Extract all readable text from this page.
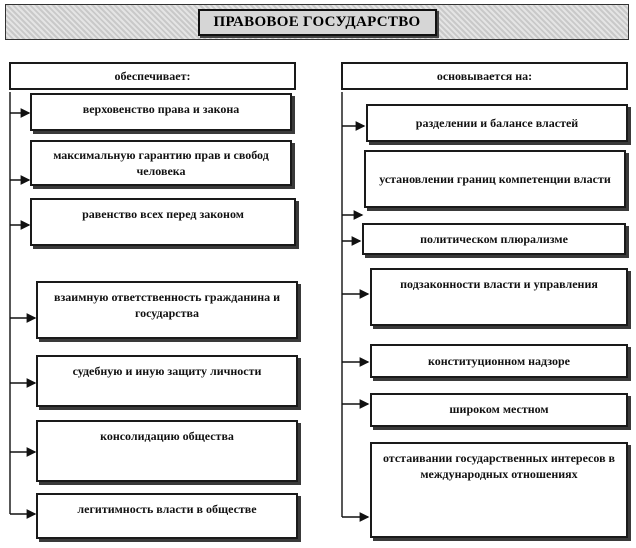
ПРАВОВОЕ ГОСУДАРСТВО
обеспечивает:	основывается на:
верховенство права и закона
максимальную гарантию прав и свобод человека
равенство всех перед законом
взаимную ответственность гражданина и государства
судебную и иную защиту личности
консолидацию общества
легитимность власти в обществе
разделении и балансе властей
установлении границ компетенции власти
политическом плюрализме
подзаконности власти и управления
конституционном надзоре
широком местном
отстаивании государственных интересов в международных отношениях
